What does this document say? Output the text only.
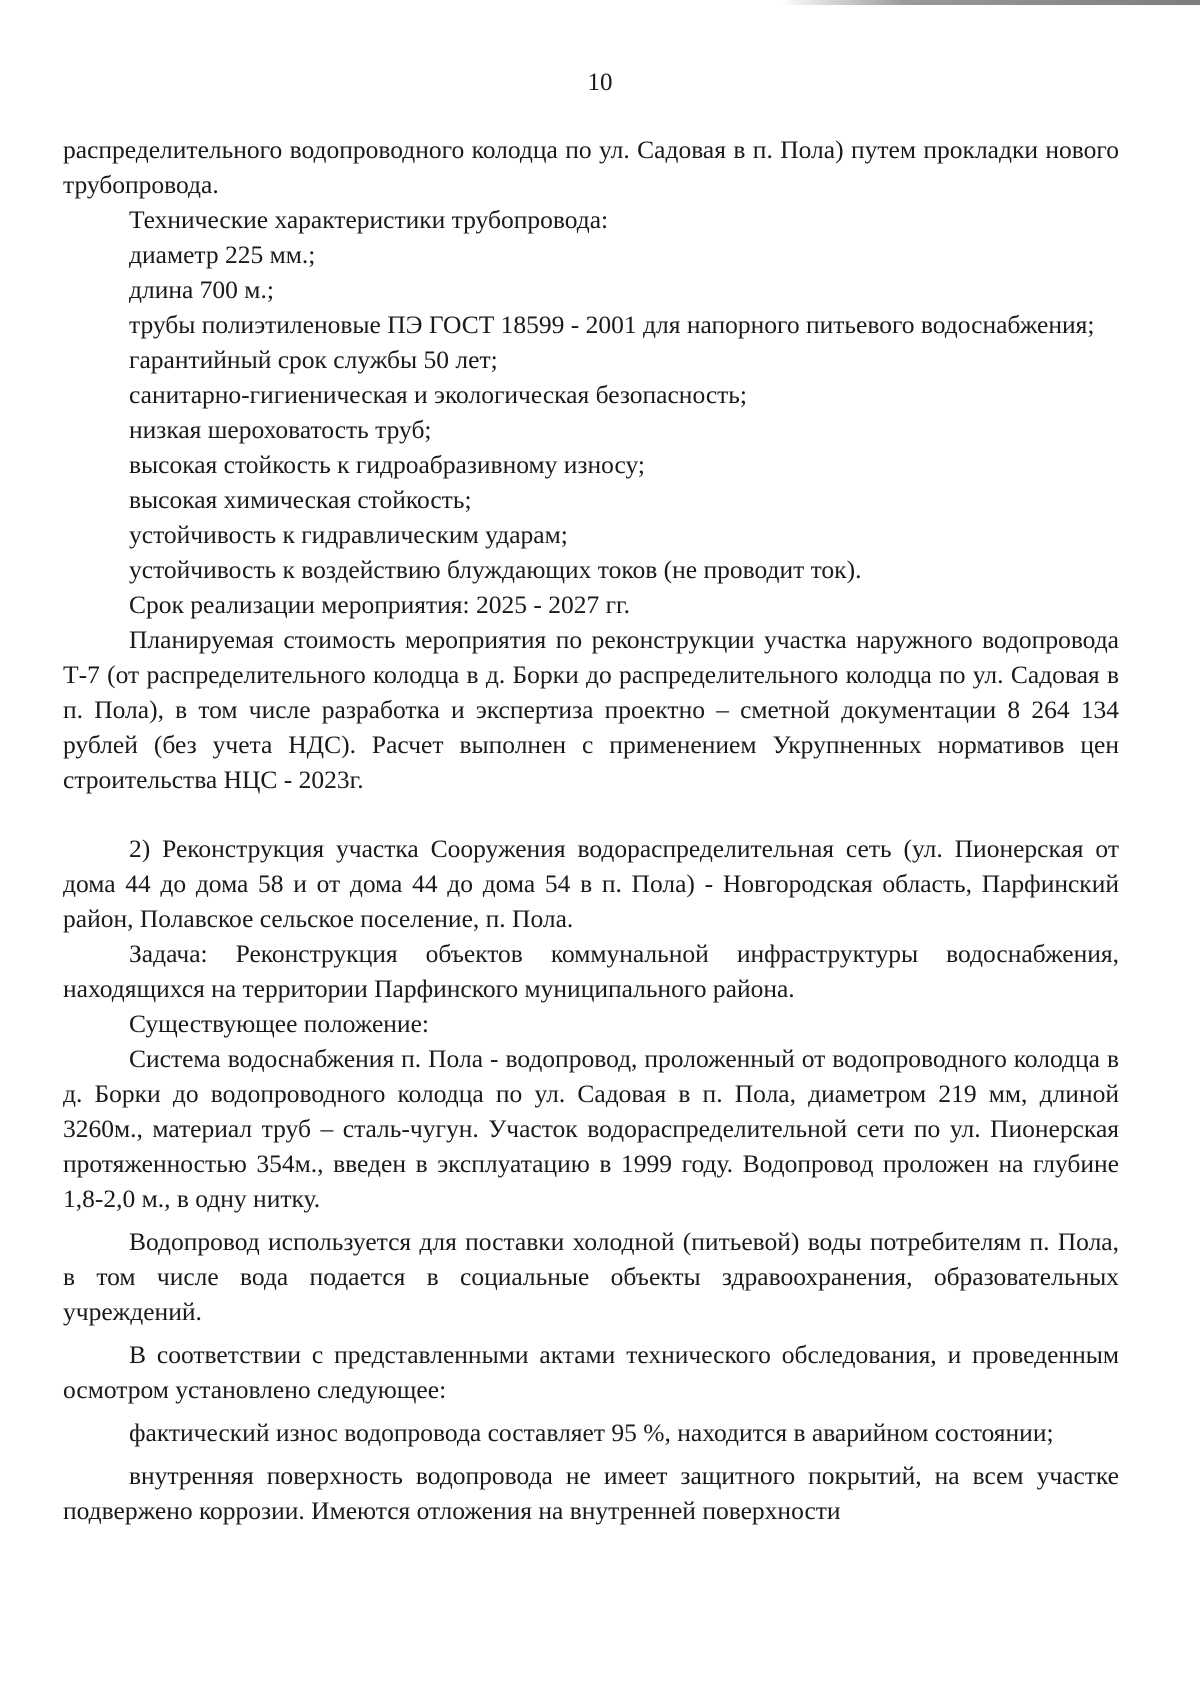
10

распределительного водопроводного колодца по ул. Садовая в п. Пола) путем прокладки нового трубопровода.

Технические характеристики трубопровода:

диаметр 225 мм.;

длина 700 м.;

трубы полиэтиленовые ПЭ ГОСТ 18599 - 2001 для напорного питьевого водоснабжения;

гарантийный срок службы 50 лет;

санитарно-гигиеническая и экологическая безопасность;

низкая шероховатость труб;

высокая стойкость к гидроабразивному износу;

высокая химическая стойкость;

устойчивость к гидравлическим ударам;

устойчивость к воздействию блуждающих токов (не проводит ток).

Срок реализации мероприятия: 2025 - 2027 гг.

Планируемая стоимость мероприятия по реконструкции участка наружного водопровода Т-7 (от распределительного колодца в д. Борки до распределительного колодца по ул. Садовая в п. Пола), в том числе разработка и экспертиза проектно – сметной документации 8 264 134 рублей (без учета НДС). Расчет выполнен с применением Укрупненных нормативов цен строительства НЦС - 2023г.

2) Реконструкция участка Сооружения водораспределительная сеть (ул. Пионерская от дома 44 до дома 58 и от дома 44 до дома 54 в п. Пола) - Новгородская область, Парфинский район, Полавское сельское поселение, п. Пола.

Задача: Реконструкция объектов коммунальной инфраструктуры водоснабжения, находящихся на территории Парфинского муниципального района.

Существующее положение:

Система водоснабжения п. Пола - водопровод, проложенный от водопроводного колодца в д. Борки до водопроводного колодца по ул. Садовая в п. Пола, диаметром 219 мм, длиной 3260м., материал труб – сталь-чугун. Участок водораспределительной сети по ул. Пионерская протяженностью 354м., введен в эксплуатацию в 1999 году. Водопровод проложен на глубине 1,8-2,0 м., в одну нитку.

Водопровод используется для поставки холодной (питьевой) воды потребителям п. Пола, в том числе вода подается в социальные объекты здравоохранения, образовательных учреждений.

В соответствии с представленными актами технического обследования, и проведенным осмотром установлено следующее:

фактический износ водопровода составляет 95 %, находится в аварийном состоянии;

внутренняя поверхность водопровода не имеет защитного покрытий, на всем участке подвержено коррозии. Имеются отложения на внутренней поверхности
